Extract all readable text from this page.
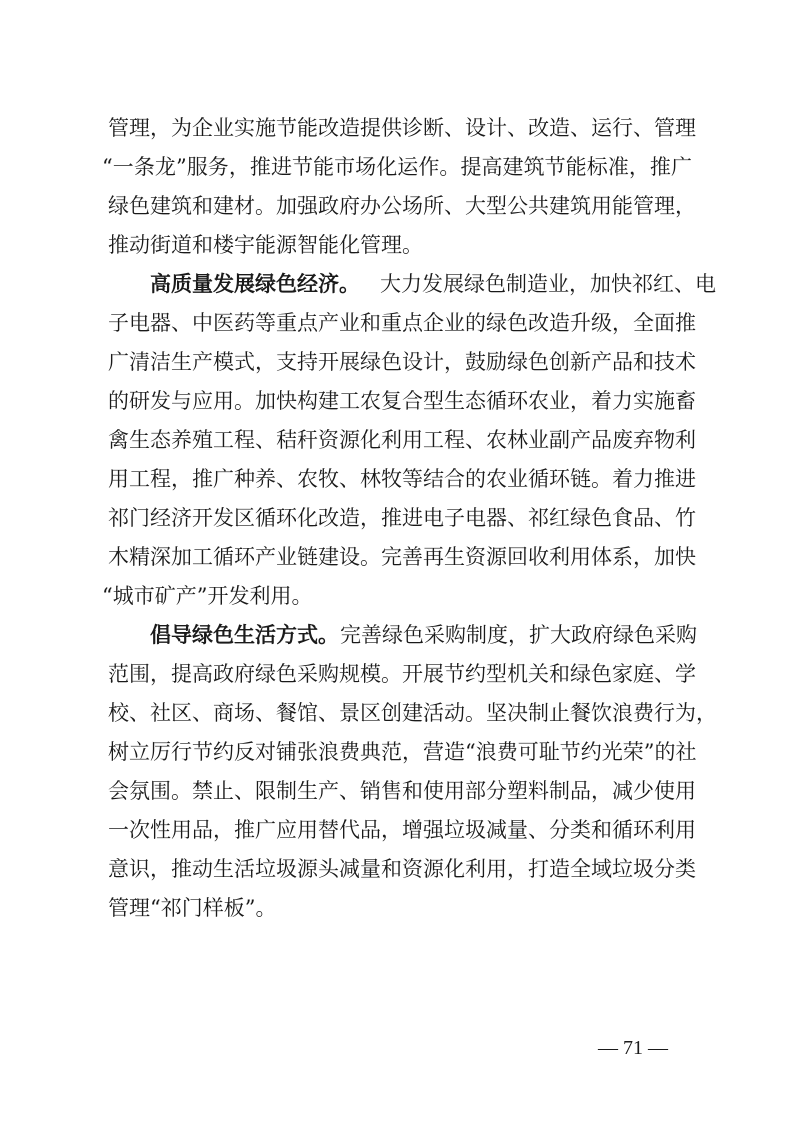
管理，为企业实施节能改造提供诊断、设计、改造、运行、管理
“一条龙”服务，推进节能市场化运作。提高建筑节能标准，推广
绿色建筑和建材。加强政府办公场所、大型公共建筑用能管理，
推动街道和楼宇能源智能化管理。
高质量发展绿色经济。 大力发展绿色制造业，加快祁红、电
子电器、中医药等重点产业和重点企业的绿色改造升级，全面推
广清洁生产模式，支持开展绿色设计，鼓励绿色创新产品和技术
的研发与应用。加快构建工农复合型生态循环农业，着力实施畜
禽生态养殖工程、秸秆资源化利用工程、农林业副产品废弃物利
用工程，推广种养、农牧、林牧等结合的农业循环链。着力推进
祁门经济开发区循环化改造，推进电子电器、祁红绿色食品、竹
木精深加工循环产业链建设。完善再生资源回收利用体系，加快
“城市矿产”开发利用。
倡导绿色生活方式。 完善绿色采购制度，扩大政府绿色采购
范围，提高政府绿色采购规模。开展节约型机关和绿色家庭、学
校、社区、商场、餐馆、景区创建活动。坚决制止餐饮浪费行为，
树立厉行节约反对铺张浪费典范，营造“浪费可耻节约光荣”的社
会氛围。禁止、限制生产、销售和使用部分塑料制品，减少使用
一次性用品，推广应用替代品，增强垃圾减量、分类和循环利用
意识，推动生活垃圾源头减量和资源化利用，打造全域垃圾分类
管理“祁门样板”。
— 71 —
